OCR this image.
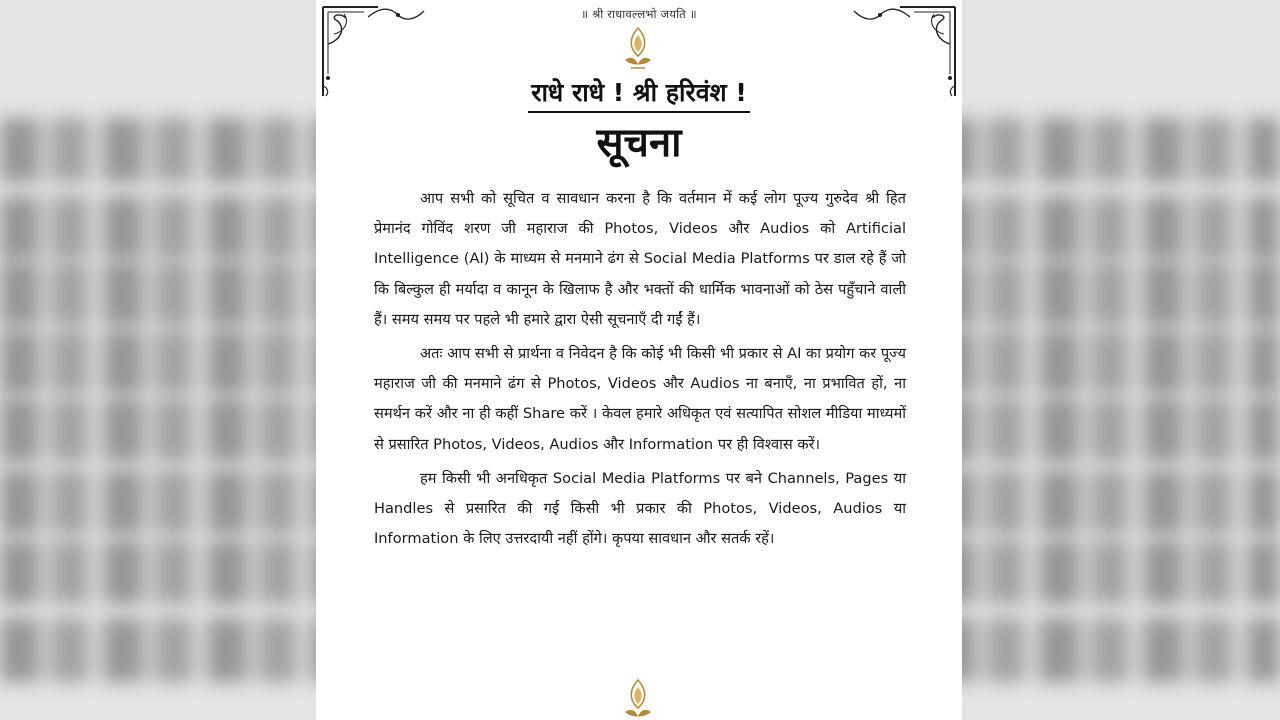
॥ श्री राधावल्लभो जयति ॥
राधे राधे ! श्री हरिवंश !
सूचना

आप सभी को सूचित व सावधान करना है कि वर्तमान में कई लोग पूज्य गुरुदेव श्री हित प्रेमानंद गोविंद शरण जी महाराज की Photos, Videos और Audios को Artificial Intelligence (AI) के माध्यम से मनमाने ढंग से Social Media Platforms पर डाल रहे हैं जो कि बिल्कुल ही मर्यादा व कानून के खिलाफ है और भक्तों की धार्मिक भावनाओं को ठेस पहुँचाने वाली हैं। समय समय पर पहले भी हमारे द्वारा ऐसी सूचनाएँ दी गईं हैं।

अतः आप सभी से प्रार्थना व निवेदन है कि कोई भी किसी भी प्रकार से AI का प्रयोग कर पूज्य महाराज जी की मनमाने ढंग से Photos, Videos और Audios ना बनाएँ, ना प्रभावित हों, ना समर्थन करें और ना ही कहीं Share करें । केवल हमारे अधिकृत एवं सत्यापित सोशल मीडिया माध्यमों से प्रसारित Photos, Videos, Audios और Information पर ही विश्वास करें।

हम किसी भी अनधिकृत Social Media Platforms पर बने Channels, Pages या Handles से प्रसारित की गई किसी भी प्रकार की Photos, Videos, Audios या Information के लिए उत्तरदायी नहीं होंगे। कृपया सावधान और सतर्क रहें।
